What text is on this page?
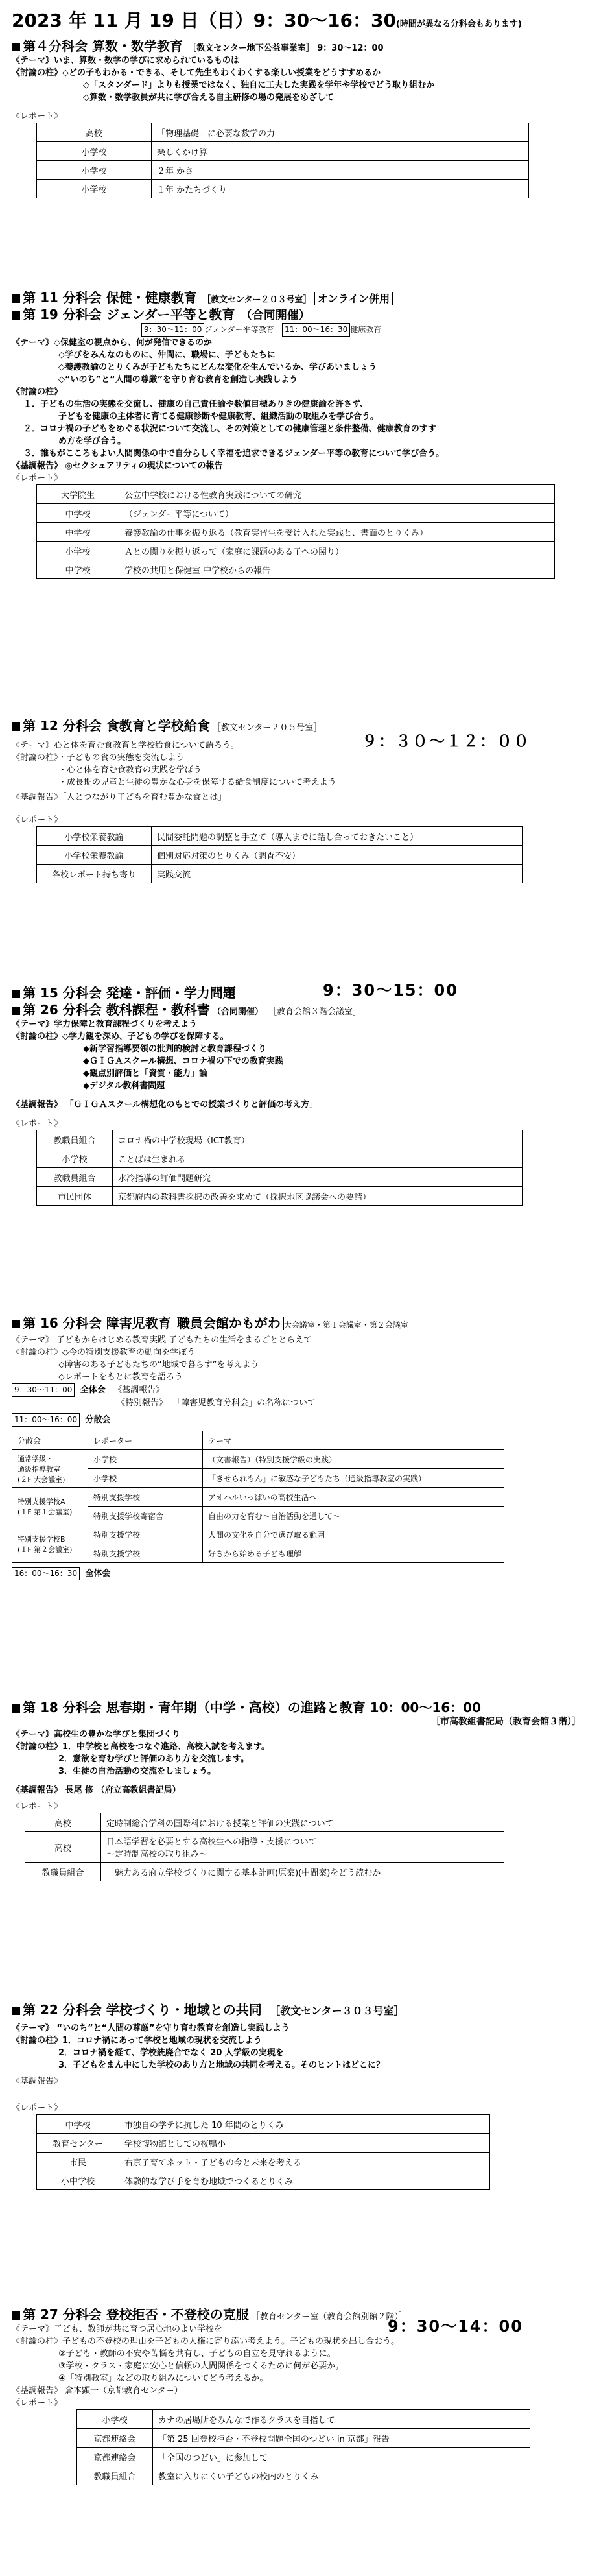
2023 年 11 月 19 日（日）9：30～16：30(時間が異なる分科会もあります)
第４分科会 算数・数学教育 ［教文センター地下公益事業室］ 9：30～12：00
《テーマ》いま、算数・数学の学びに求められているものは
《討論の柱》◇どの子もわかる・できる、そして先生もわくわくする楽しい授業をどうすすめるか
◇「スタンダード」よりも授業ではなく、独自に工夫した実践を学年や学校でどう取り組むか
◇算数・数学教員が共に学び合える自主研修の場の発展をめざして
《レポート》
高校	「物理基礎」に必要な数学の力
小学校	楽しくかけ算
小学校	２年 かさ
小学校	１年 かたちづくり
第 11 分科会 保健・健康教育 ［教文センター２０３号室］ オンライン併用
第 19 分科会 ジェンダー平等と教育 （合同開催）
9：30～11：00 ジェンダー平等教育 11：00～16：30 健康教育
《テーマ》◇保健室の視点から、何が発信できるのか
◇学びをみんなのものに、仲間に、職場に、子どもたちに
◇養護教諭のとりくみが子どもたちにどんな変化を生んでいるか、学びあいましょう
◇“いのち”と“人間の尊厳”を守り育む教育を創造し実践しよう
《討論の柱》
１．子どもの生活の実態を交流し、健康の自己責任論や数値目標ありきの健康論を許さず、
子どもを健康の主体者に育てる健康診断や健康教育、組織活動の取組みを学び合う。
２．コロナ禍の子どもをめぐる状況について交流し、その対策としての健康管理と条件整備、健康教育のすす
め方を学び合う。
３．誰もがこころもよい人間関係の中で自分らしく幸福を追求できるジェンダー平等の教育について学び合う。
《基調報告》 ◎セクシュアリティの現状についての報告
《レポート》
大学院生	公立中学校における性教育実践についての研究
中学校	（ジェンダー平等について）
中学校	養護教諭の仕事を振り返る（教育実習生を受け入れた実践と、書面のとりくみ）
小学校	Ａとの関りを振り返って（家庭に課題のある子への関り）
中学校	学校の共用と保健室 中学校からの報告
第 12 分科会 食教育と学校給食 ［教文センター２０５号室］
《テーマ》心と体を育む食教育と学校給食について語ろう。	９：３０～１２：００
《討論の柱》・子どもの食の実態を交流しよう
・心と体を育む食教育の実践を学ぼう
・成長期の児童と生徒の豊かな心身を保障する給食制度について考えよう
《基調報告》「人とつながり子どもを育む豊かな食とは」
《レポート》
小学校栄養教諭	民間委託問題の調整と手立て（導入までに話し合っておきたいこと）
小学校栄養教諭	個別対応対策のとりくみ（調査不安）
各校レポート持ち寄り	実践交流
第 15 分科会 発達・評価・学力問題	9：30～15：00
第 26 分科会 教科課程・教科書 （合同開催） ［教育会館３階会議室］
《テーマ》学力保障と教育課程づくりを考えよう
《討論の柱》◇学力観を深め、子どもの学びを保障する。
◆新学習指導要領の批判的検討と教育課程づくり
◆ＧＩＧＡスクール構想、コロナ禍の下での教育実践
◆観点別評価と「資質・能力」論
◆デジタル教科書問題
《基調報告》 「ＧＩＧＡスクール構想化のもとでの授業づくりと評価の考え方」
《レポート》
教職員組合	コロナ禍の中学校現場（ICT教育）
小学校	ことばは生まれる
教職員組合	水冷指導の評価問題研究
市民団体	京都府内の教科書採択の改善を求めて（採択地区協議会への要請）
第 16 分科会 障害児教育 職員会館かもがわ 大会議室・第１会議室・第２会議室
《テーマ》 子どもからはじめる教育実践 子どもたちの生活をまるごととらえて
《討論の柱》◇今の特別支援教育の動向を学ぼう
◇障害のある子どもたちの“地域で暮らす”を考えよう
◇レポートをもとに教育を語ろう
9：30～11：00 全体会 《基調報告》
《特別報告》 「障害児教育分科会」の名称について
11：00～16：00 分散会
分散会	レポーター	テーマ
通常学級・
通級指導教室
(２F 大会議室)	小学校	（文書報告）（特別支援学級の実践）
	小学校	「きせられもん」に敏感な子どもたち（通級指導教室の実践）
特別支援学校A
(１F 第１会議室)	特別支援学校	アオハルいっぱいの高校生活へ
	特別支援学校寄宿舎	自由の力を育む～自治活動を通して～
特別支援学校B
(１F 第２会議室)	特別支援学校	人間の文化を自分で選び取る範囲
	特別支援学校	好きから始める子ども理解
16：00～16：30 全体会
第 18 分科会 思春期・青年期（中学・高校）の進路と教育 10：00～16：00
［市高教組書記局（教育会館３階）］
《テーマ》高校生の豊かな学びと集団づくり
《討論の柱》1．中学校と高校をつなぐ進路、高校入試を考えます。
2．意欲を育む学びと評価のあり方を交流します。
3．生徒の自治活動の交流をしましょう。
《基調報告》 長尾 修 （府立高教組書記局）
《レポート》
高校	定時制総合学科の国際科における授業と評価の実践について
高校	日本語学習を必要とする高校生への指導・支援について
～定時制高校の取り組み～
教職員組合	「魅力ある府立学校づくりに関する基本計画(原案)(中間案)をどう読むか
第 22 分科会 学校づくり・地域との共同 ［教文センター３０３号室］
《テーマ》 “いのち”と“人間の尊厳”を守り育む教育を創造し実践しよう
《討論の柱》1．コロナ禍にあって学校と地域の現状を交流しよう
2．コロナ禍を経て、学校統廃合でなく 20 人学級の実現を
3．子どもをまん中にした学校のあり方と地域の共同を考える。そのヒントはどこに？
《基調報告》
《レポート》
中学校	市独自の学テに抗した 10 年間のとりくみ
教育センター	学校博物館としての桜鴨小
市民	右京子育てネット・子どもの今と未来を考える
小中学校	体験的な学び手を育む地域でつくるとりくみ
第 27 分科会 登校拒否・不登校の克服 ［教育センター室（教育会館別館２階）］
《テーマ》子ども、教師が共に育つ居心地のよい学校を	9：30～14：00
《討論の柱》子どもの不登校の理由を子どもの人権に寄り添い考えよう。子どもの現状を出し合おう。
②子ども・教師の不安や苦悩を共有し、子どもの自立を見守れるように。
③学校・クラス・家庭に安心と信頼の人間関係をつくるために何が必要か。
④「特別教室」などの取り組みについてどう考えるか。
《基調報告》 倉本顕一（京都教育センター）
《レポート》
小学校	カナの居場所をみんなで作るクラスを目指して
京都連絡会	「第 25 回登校拒否・不登校問題全国のつどい in 京都」報告
京都連絡会	「全国のつどい」に参加して
教職員組合	教室に入りにくい子どもの校内のとりくみ
